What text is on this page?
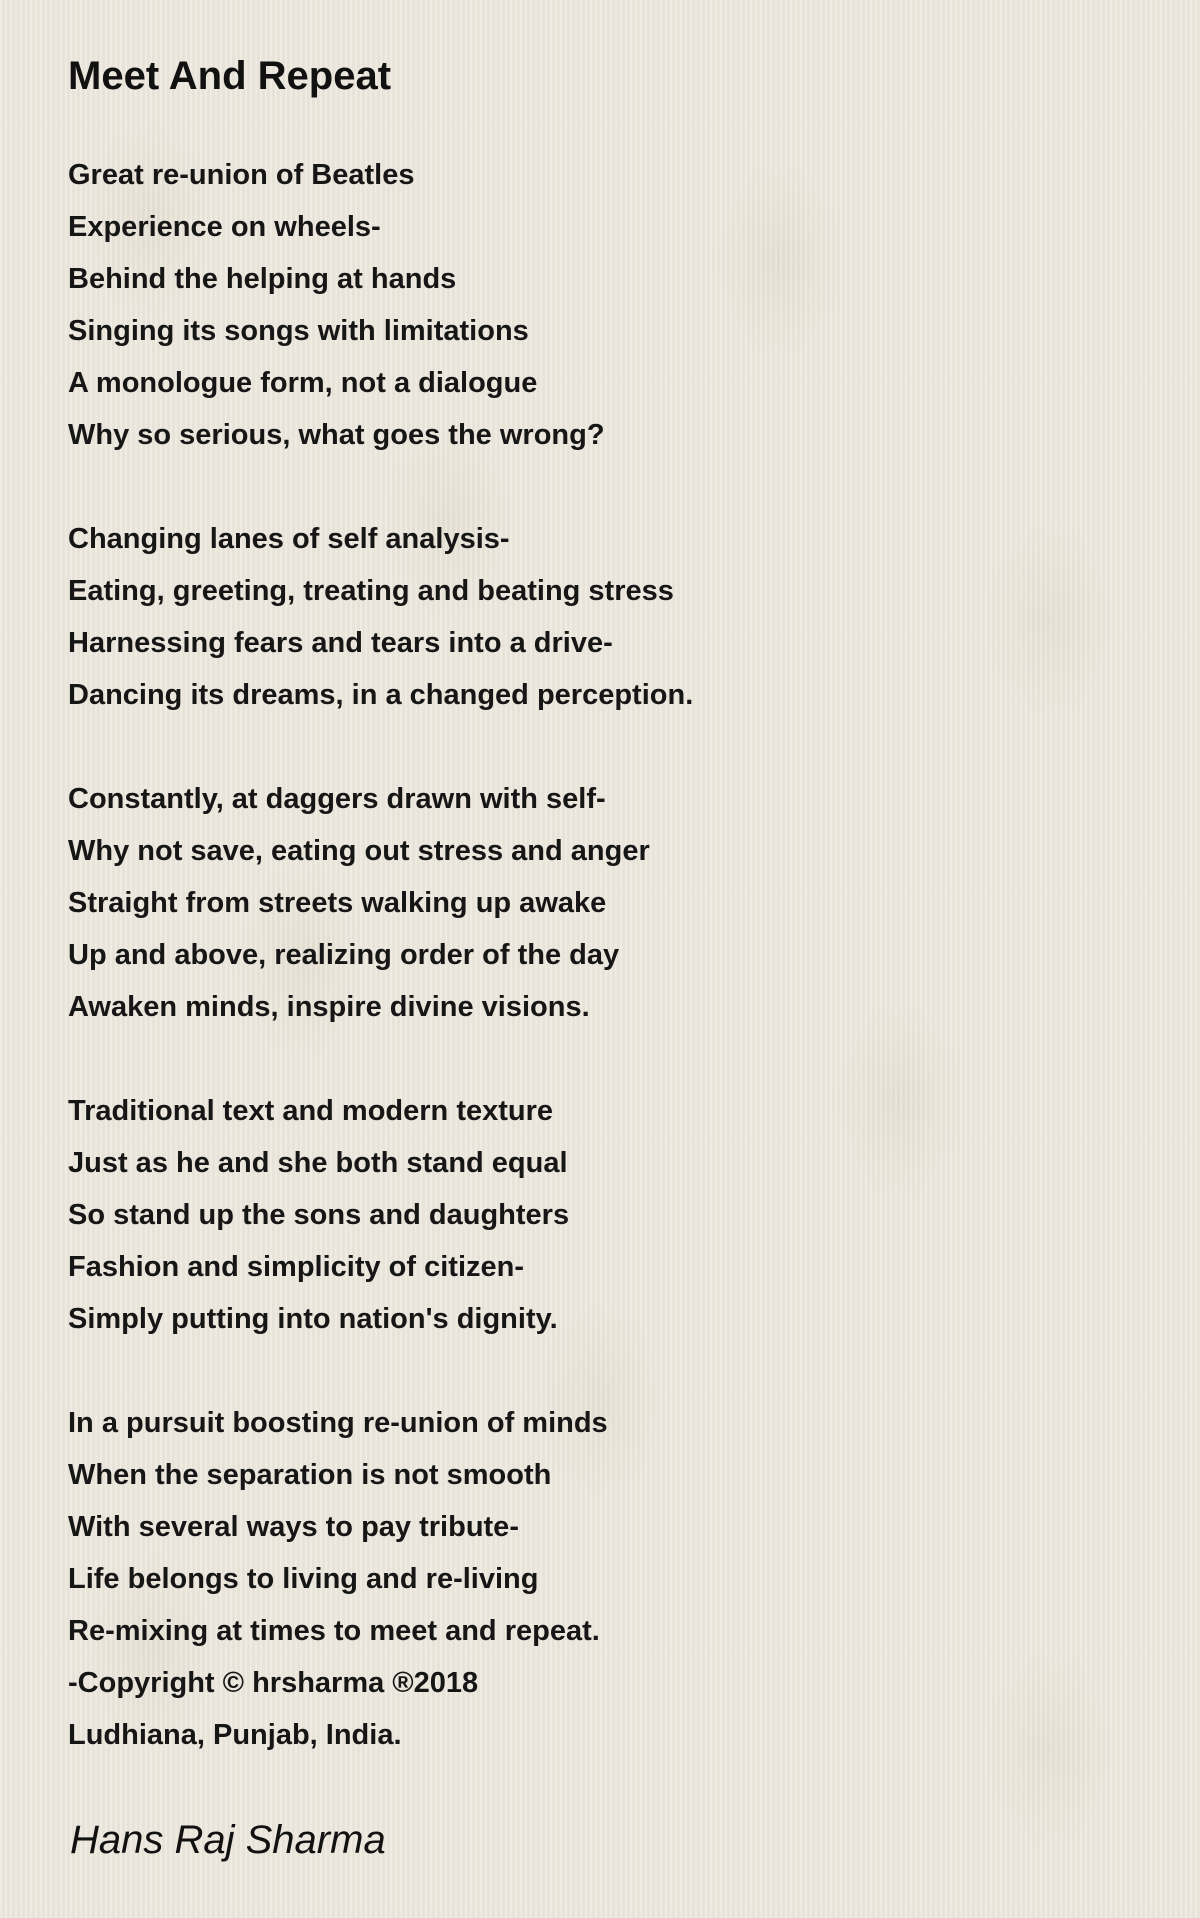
Meet And Repeat
Great re-union of Beatles
Experience on wheels-
Behind the helping at hands
Singing its songs with limitations
A monologue form, not a dialogue
Why so serious, what goes the wrong?
Changing lanes of self analysis-
Eating, greeting, treating and beating stress
Harnessing fears and tears into a drive-
Dancing its dreams, in a changed perception.
Constantly, at daggers drawn with self-
Why not save, eating out stress and anger
Straight from streets walking up awake
Up and above, realizing order of the day
Awaken minds, inspire divine visions.
Traditional text and modern texture
Just as he and she both stand equal
So stand up the sons and daughters
Fashion and simplicity of citizen-
Simply putting into nation's dignity.
In a pursuit boosting re-union of minds
When the separation is not smooth
With several ways to pay tribute-
Life belongs to living and re-living
Re-mixing at times to meet and repeat.
-Copyright © hrsharma ®2018
Ludhiana, Punjab, India.

Hans Raj Sharma
